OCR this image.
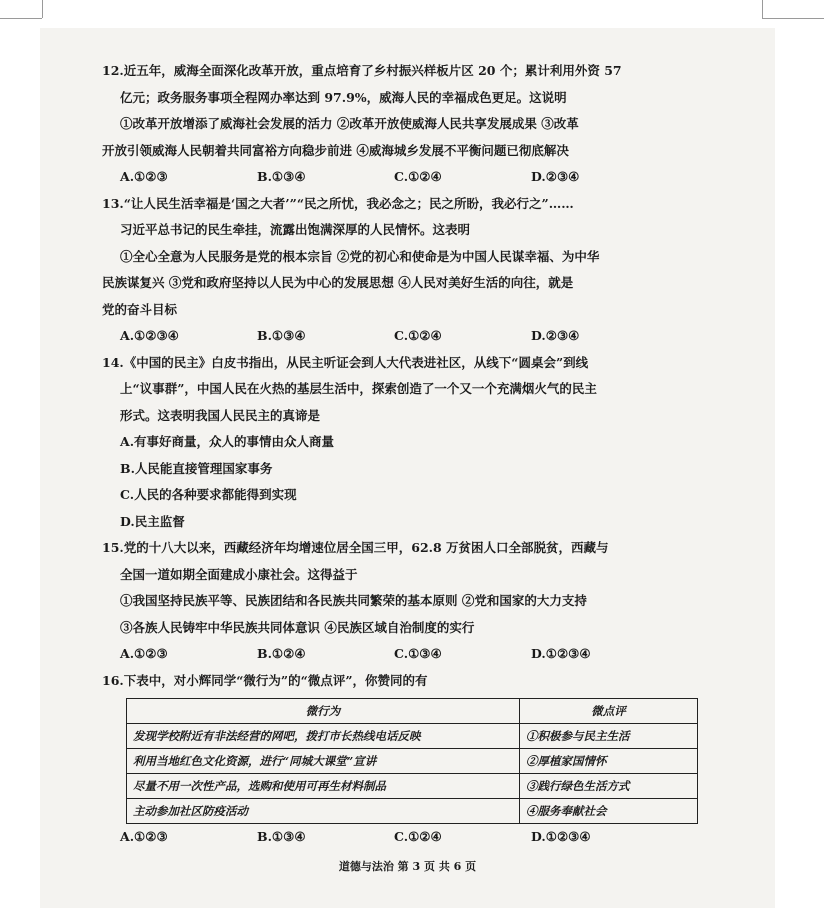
12.近五年，威海全面深化改革开放，重点培育了乡村振兴样板片区 20 个；累计利用外资 57
亿元；政务服务事项全程网办率达到 97.9%，威海人民的幸福成色更足。这说明
①改革开放增添了威海社会发展的活力 ②改革开放使威海人民共享发展成果 ③改革
开放引领威海人民朝着共同富裕方向稳步前进 ④威海城乡发展不平衡问题已彻底解决
A.①②③	B.①③④	C.①②④	D.②③④
13.“让人民生活幸福是‘国之大者’”“民之所忧，我必念之；民之所盼，我必行之”……
习近平总书记的民生牵挂，流露出饱满深厚的人民情怀。这表明
①全心全意为人民服务是党的根本宗旨 ②党的初心和使命是为中国人民谋幸福、为中华
民族谋复兴 ③党和政府坚持以人民为中心的发展思想 ④人民对美好生活的向往，就是
党的奋斗目标
A.①②③④	B.①③④	C.①②④	D.②③④
14.《中国的民主》白皮书指出，从民主听证会到人大代表进社区，从线下“圆桌会”到线
上“议事群”，中国人民在火热的基层生活中，探索创造了一个又一个充满烟火气的民主
形式。这表明我国人民民主的真谛是
A.有事好商量，众人的事情由众人商量
B.人民能直接管理国家事务
C.人民的各种要求都能得到实现
D.民主监督
15.党的十八大以来，西藏经济年均增速位居全国三甲，62.8 万贫困人口全部脱贫，西藏与
全国一道如期全面建成小康社会。这得益于
①我国坚持民族平等、民族团结和各民族共同繁荣的基本原则 ②党和国家的大力支持
③各族人民铸牢中华民族共同体意识 ④民族区域自治制度的实行
A.①②③	B.①②④	C.①③④	D.①②③④
16.下表中，对小辉同学“微行为”的“微点评”，你赞同的有
微行为	微点评
发现学校附近有非法经营的网吧，拨打市长热线电话反映	①积极参与民主生活
利用当地红色文化资源，进行“同城大课堂”宣讲	②厚植家国情怀
尽量不用一次性产品，选购和使用可再生材料制品	③践行绿色生活方式
主动参加社区防疫活动	④服务奉献社会
A.①②③	B.①③④	C.①②④	D.①②③④
道德与法治 第 3 页 共 6 页
